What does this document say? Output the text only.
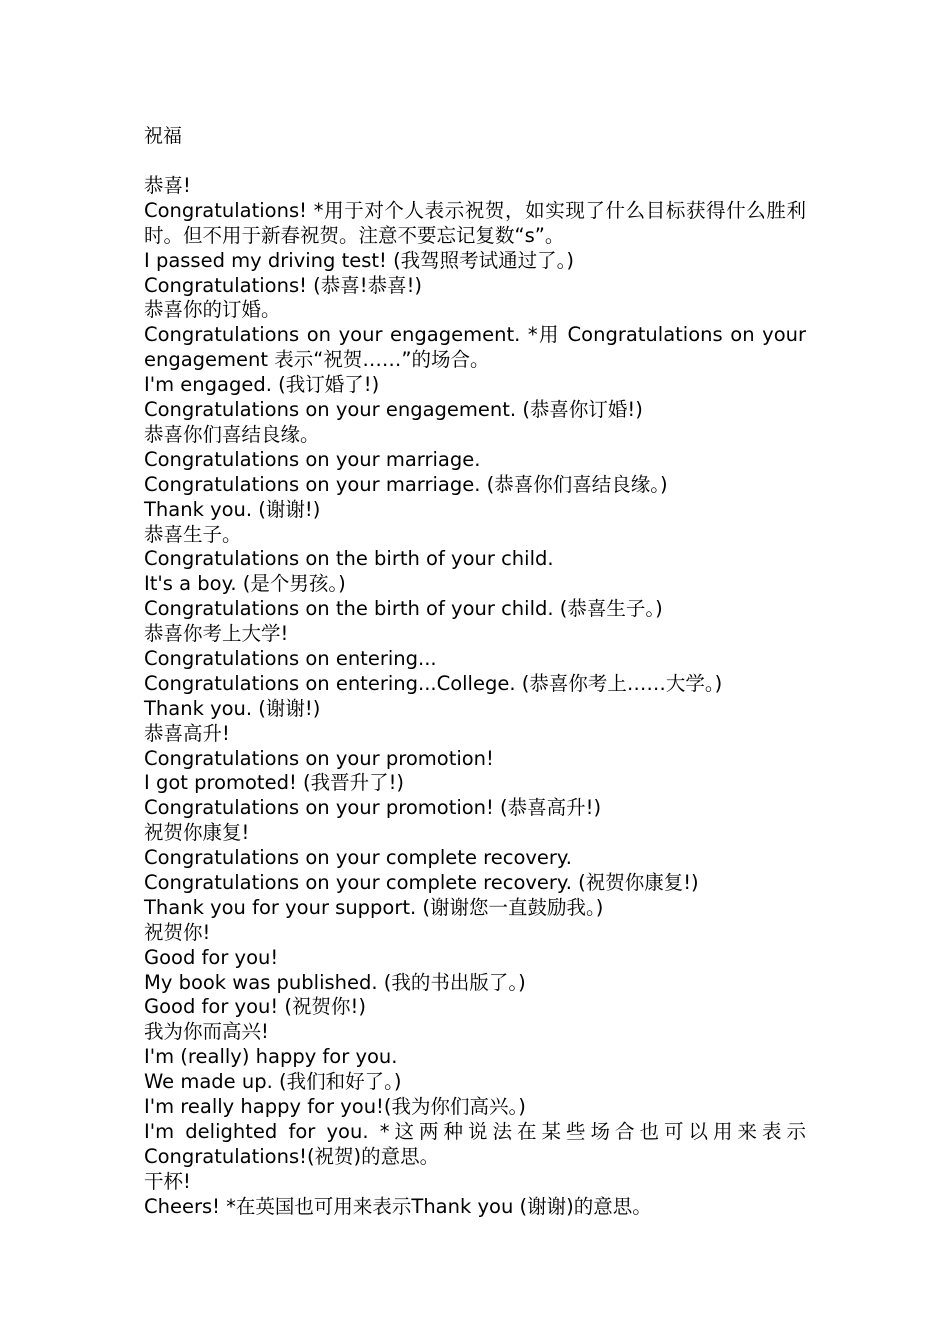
祝福
恭喜!
Congratulations! *用于对个人表示祝贺，如实现了什么目标获得什么胜利时。但不用于新春祝贺。注意不要忘记复数“s”。
I passed my driving test! (我驾照考试通过了。)
Congratulations! (恭喜!恭喜!)
恭喜你的订婚。
Congratulations on your engagement. *用 Congratulations on your engagement 表示“祝贺……”的场合。
I'm engaged. (我订婚了!)
Congratulations on your engagement. (恭喜你订婚!)
恭喜你们喜结良缘。
Congratulations on your marriage.
Congratulations on your marriage. (恭喜你们喜结良缘。)
Thank you. (谢谢!)
恭喜生子。
Congratulations on the birth of your child.
It's a boy. (是个男孩。)
Congratulations on the birth of your child. (恭喜生子。)
恭喜你考上大学!
Congratulations on entering...
Congratulations on entering...College. (恭喜你考上……大学。)
Thank you. (谢谢!)
恭喜高升!
Congratulations on your promotion!
I got promoted! (我晋升了!)
Congratulations on your promotion! (恭喜高升!)
祝贺你康复!
Congratulations on your complete recovery.
Congratulations on your complete recovery. (祝贺你康复!)
Thank you for your support. (谢谢您一直鼓励我。)
祝贺你!
Good for you!
My book was published. (我的书出版了。)
Good for you! (祝贺你!)
我为你而高兴!
I'm (really) happy for you.
We made up. (我们和好了。)
I'm really happy for you!(我为你们高兴。)
I'm delighted for you. *这两种说法在某些场合也可以用来表示Congratulations!(祝贺)的意思。
干杯!
Cheers! *在英国也可用来表示Thank you (谢谢)的意思。
